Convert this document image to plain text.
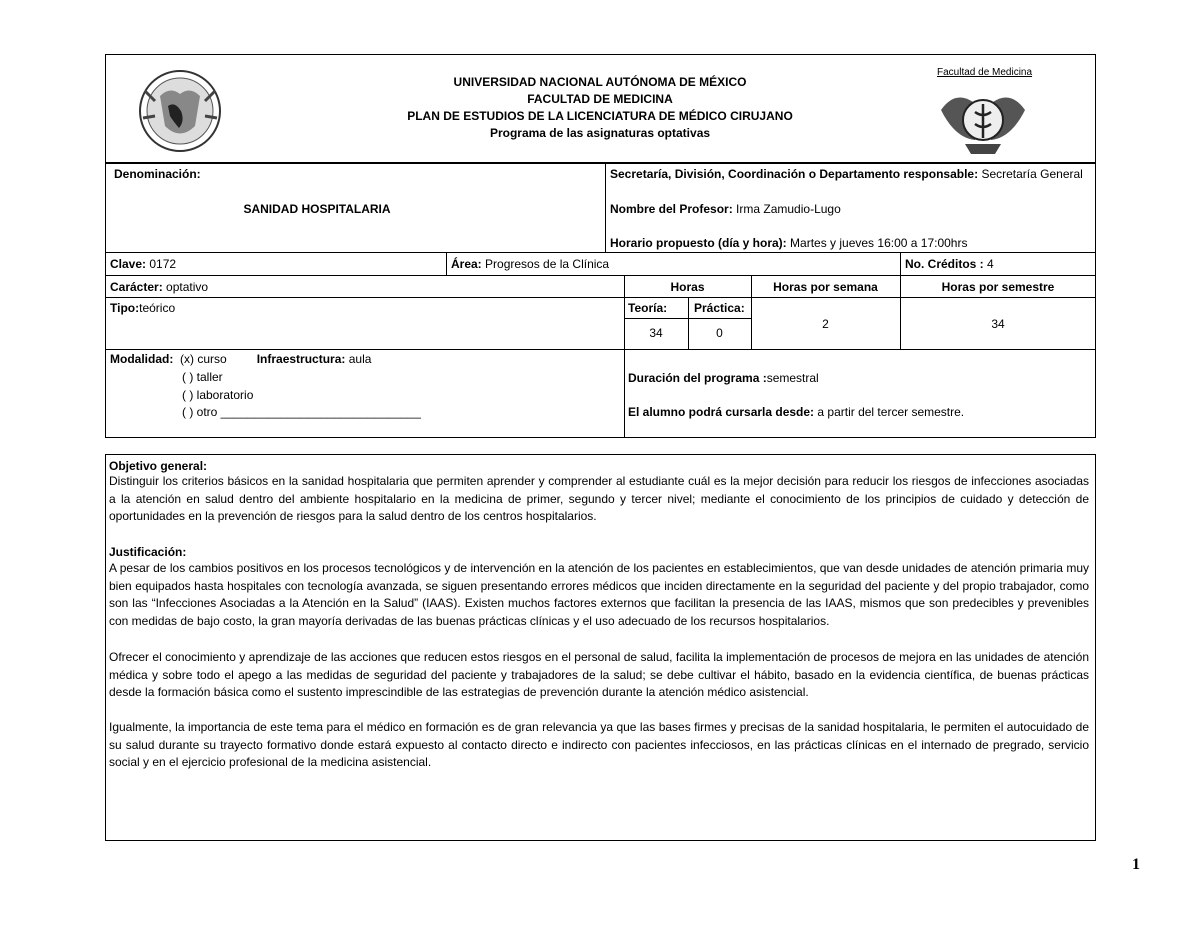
Facultad de Medicina
UNIVERSIDAD NACIONAL AUTÓNOMA DE MÉXICO
FACULTAD DE MEDICINA
PLAN DE ESTUDIOS DE LA LICENCIATURA DE MÉDICO CIRUJANO
Programa de las asignaturas optativas
Denominación:
SANIDAD HOSPITALARIA
Secretaría, División, Coordinación o Departamento responsable: Secretaría General
Nombre del Profesor: Irma Zamudio-Lugo
Horario propuesto (día y hora): Martes y jueves 16:00 a 17:00hrs
Clave: 0172	Área: Progresos de la Clínica	No. Créditos : 4
Carácter: optativo	Horas	Horas por semana	Horas por semestre
Tipo:teórico	Teoría: Práctica:
34	0
2	34
Modalidad: (x) curso	Infraestructura: aula
( ) taller
( ) laboratorio
( ) otro ______________________________
Duración del programa :semestral
El alumno podrá cursarla desde: a partir del tercer semestre.
Objetivo general:
Distinguir los criterios básicos en la sanidad hospitalaria que permiten aprender y comprender al estudiante cuál es la mejor decisión para reducir los riesgos de infecciones asociadas a la atención en salud dentro del ambiente hospitalario en la medicina de primer, segundo y tercer nivel; mediante el conocimiento de los principios de cuidado y detección de oportunidades en la prevención de riesgos para la salud dentro de los centros hospitalarios.
Justificación:
A pesar de los cambios positivos en los procesos tecnológicos y de intervención en la atención de los pacientes en establecimientos, que van desde unidades de atención primaria muy bien equipados hasta hospitales con tecnología avanzada, se siguen presentando errores médicos que inciden directamente en la seguridad del paciente y del propio trabajador, como son las “Infecciones Asociadas a la Atención en la Salud” (IAAS). Existen muchos factores externos que facilitan la presencia de las IAAS, mismos que son predecibles y prevenibles con medidas de bajo costo, la gran mayoría derivadas de las buenas prácticas clínicas y el uso adecuado de los recursos hospitalarios.
Ofrecer el conocimiento y aprendizaje de las acciones que reducen estos riesgos en el personal de salud, facilita la implementación de procesos de mejora en las unidades de atención médica y sobre todo el apego a las medidas de seguridad del paciente y trabajadores de la salud; se debe cultivar el hábito, basado en la evidencia científica, de buenas prácticas desde la formación básica como el sustento imprescindible de las estrategias de prevención durante la atención médico asistencial.
Igualmente, la importancia de este tema para el médico en formación es de gran relevancia ya que las bases firmes y precisas de la sanidad hospitalaria, le permiten el autocuidado de su salud durante su trayecto formativo donde estará expuesto al contacto directo e indirecto con pacientes infecciosos, en las prácticas clínicas en el internado de pregrado, servicio social y en el ejercicio profesional de la medicina asistencial.
1
